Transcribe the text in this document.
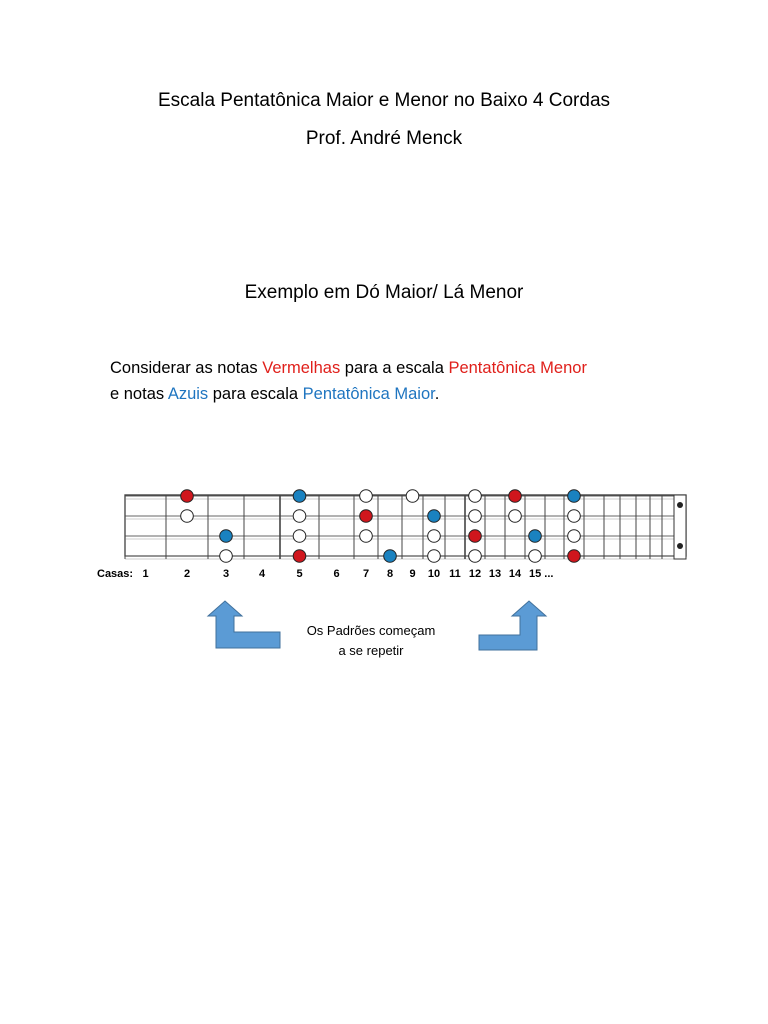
Escala Pentatônica Maior e Menor no Baixo 4 Cordas
Prof. André Menck
Exemplo em Dó Maior/ Lá Menor
Considerar as notas Vermelhas para a escala Pentatônica Menor
e notas Azuis para escala Pentatônica Maior.
Casas: 1	2	3	4	5	6 7 8 9 10 11 12 13 14 15 ...
Os Padrões começam
a se repetir
